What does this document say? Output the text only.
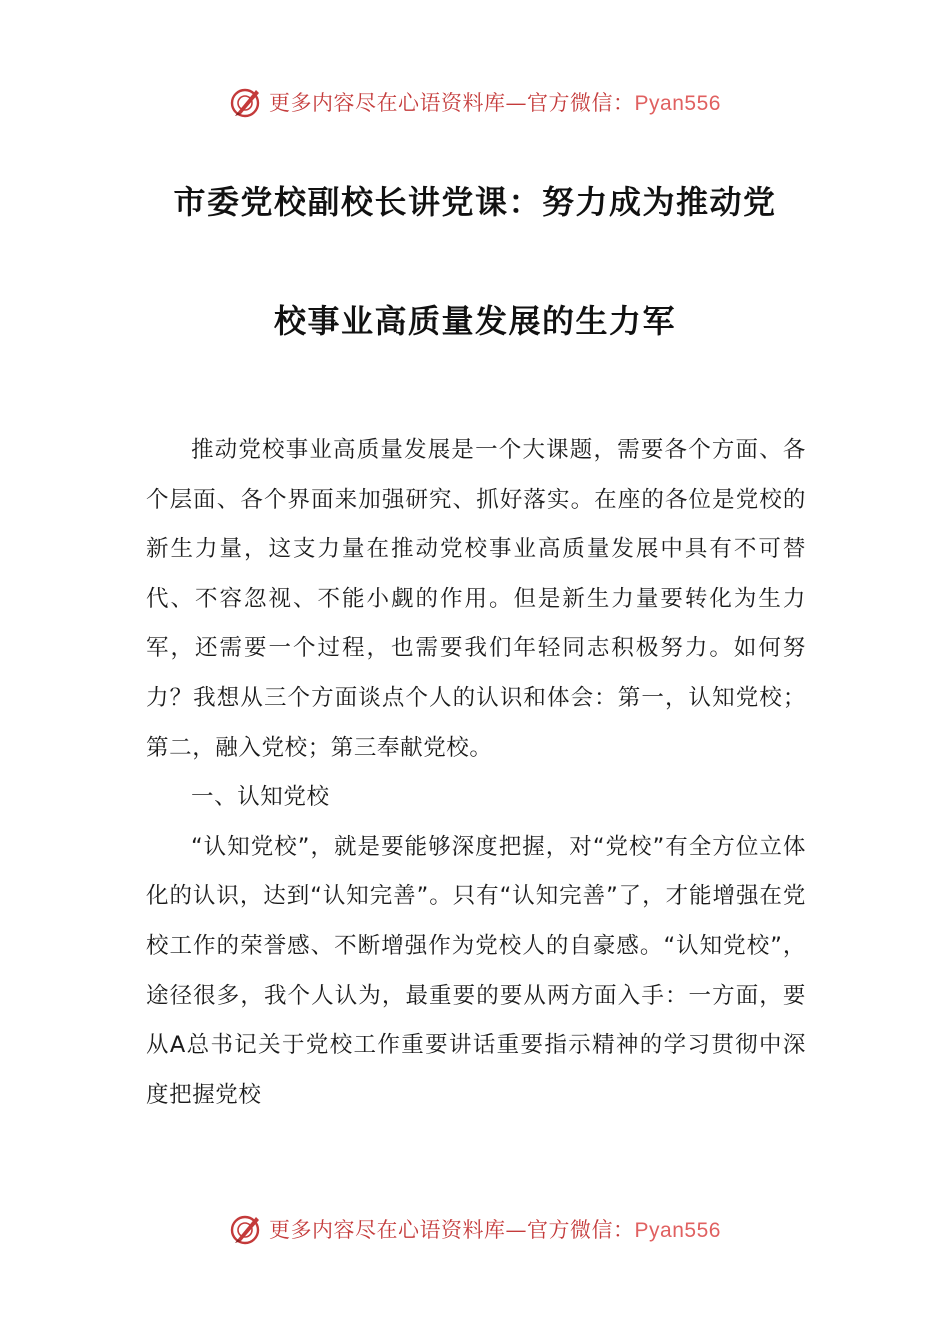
更多内容尽在心语资料库—官方微信：Pyan556
市委党校副校长讲党课：努力成为推动党
校事业高质量发展的生力军

推动党校事业高质量发展是一个大课题，需要各个方面、各个层面、各个界面来加强研究、抓好落实。在座的各位是党校的新生力量，这支力量在推动党校事业高质量发展中具有不可替代、不容忽视、不能小觑的作用。但是新生力量要转化为生力军，还需要一个过程，也需要我们年轻同志积极努力。如何努力？我想从三个方面谈点个人的认识和体会：第一，认知党校；第二，融入党校；第三奉献党校。

一、认知党校

“认知党校”，就是要能够深度把握，对“党校”有全方位立体化的认识，达到“认知完善”。只有“认知完善”了，才能增强在党校工作的荣誉感、不断增强作为党校人的自豪感。“认知党校”，途径很多，我个人认为，最重要的要从两方面入手：一方面，要从A总书记关于党校工作重要讲话重要指示精神的学习贯彻中深度把握党校

更多内容尽在心语资料库—官方微信：Pyan556
